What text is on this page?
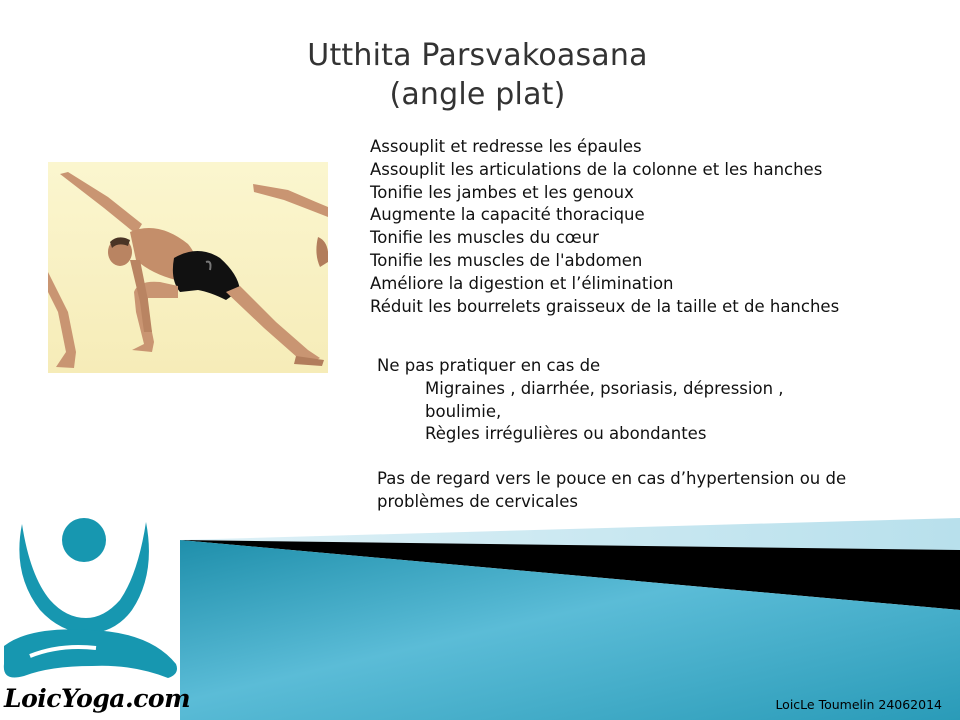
Utthita Parsvakoasana
(angle plat)
Assouplit et redresse les épaules
Assouplit les articulations de la colonne et les hanches
Tonifie les jambes et les genoux
Augmente la capacité thoracique
Tonifie les muscles du cœur
Tonifie les muscles de l'abdomen
Améliore la digestion et l’élimination
Réduit les bourrelets graisseux de la taille et de hanches
Ne pas pratiquer en cas de
Migraines , diarrhée, psoriasis, dépression ,
boulimie,
Règles irrégulières ou abondantes
Pas de regard vers le pouce en cas d’hypertension ou de
problèmes de cervicales
LoicYoga.com	LoicLe Toumelin 24062014
